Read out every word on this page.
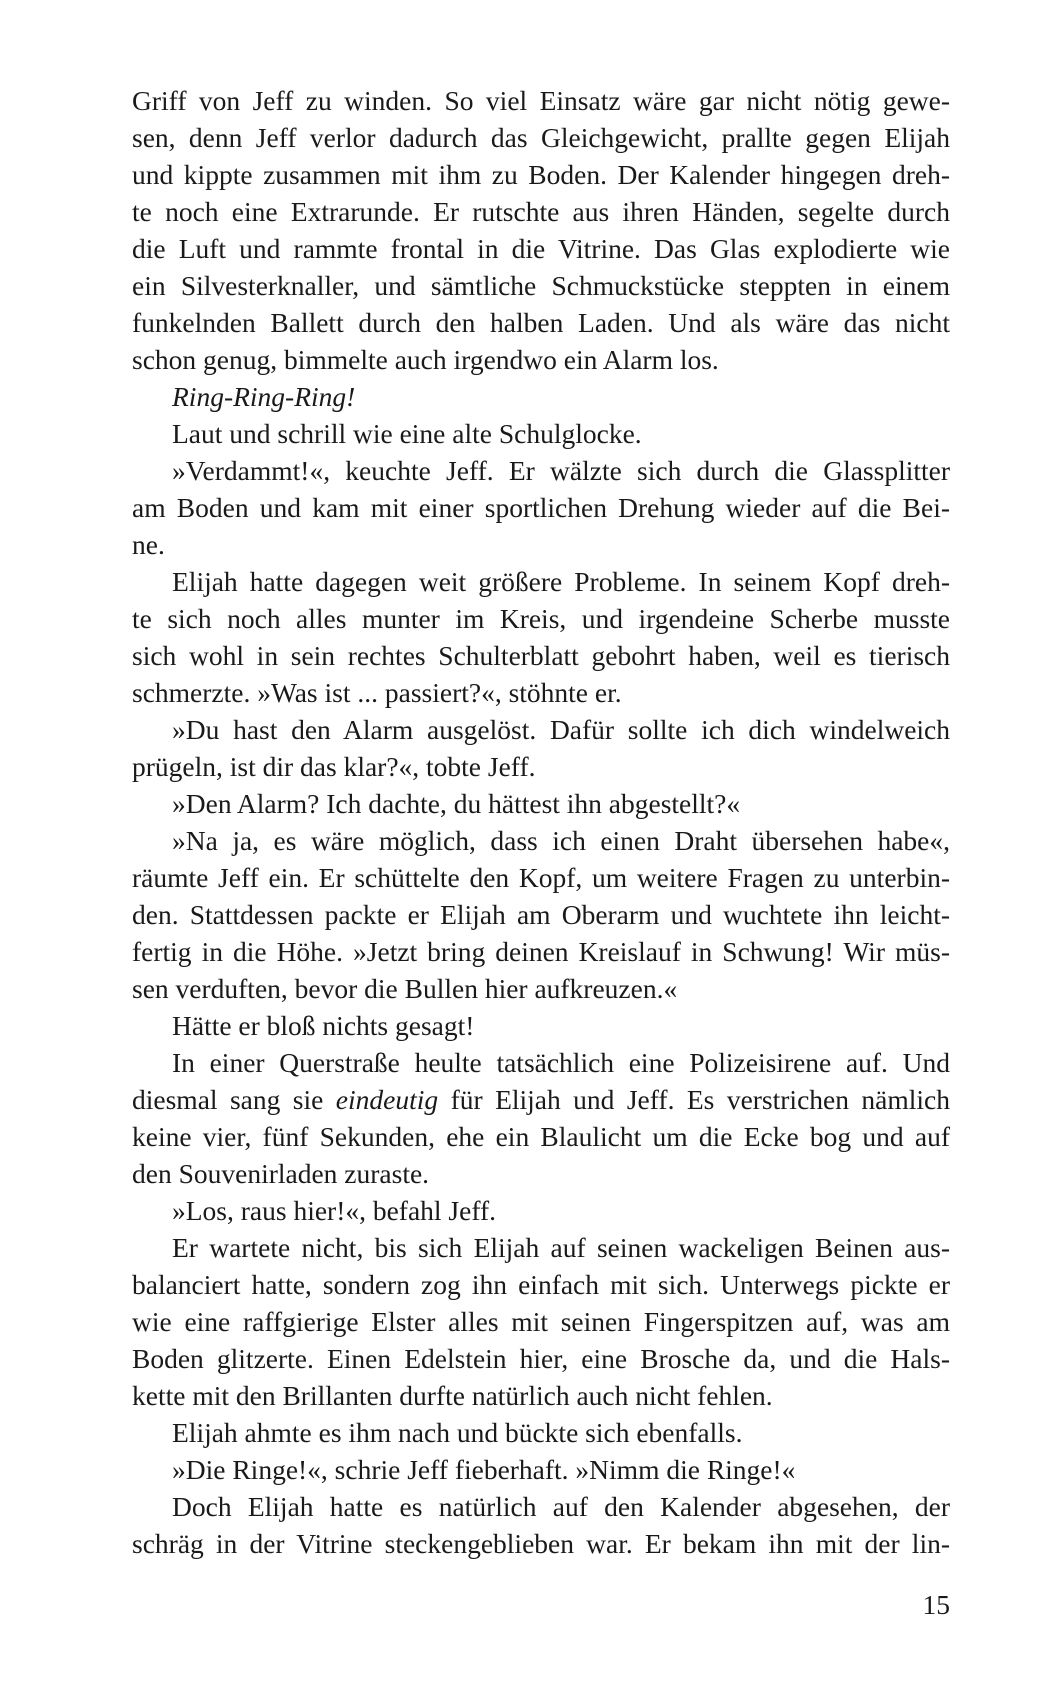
Griff von Jeff zu winden. So viel Einsatz wäre gar nicht nötig gewe-
sen, denn Jeff verlor dadurch das Gleichgewicht, prallte gegen Elijah
und kippte zusammen mit ihm zu Boden. Der Kalender hingegen dreh-
te noch eine Extrarunde. Er rutschte aus ihren Händen, segelte durch
die Luft und rammte frontal in die Vitrine. Das Glas explodierte wie
ein Silvesterknaller, und sämtliche Schmuckstücke steppten in einem
funkelnden Ballett durch den halben Laden. Und als wäre das nicht
schon genug, bimmelte auch irgendwo ein Alarm los.
Ring-Ring-Ring!
Laut und schrill wie eine alte Schulglocke.
»Verdammt!«, keuchte Jeff. Er wälzte sich durch die Glassplitter
am Boden und kam mit einer sportlichen Drehung wieder auf die Bei-
ne.
Elijah hatte dagegen weit größere Probleme. In seinem Kopf dreh-
te sich noch alles munter im Kreis, und irgendeine Scherbe musste
sich wohl in sein rechtes Schulterblatt gebohrt haben, weil es tierisch
schmerzte. »Was ist ... passiert?«, stöhnte er.
»Du hast den Alarm ausgelöst. Dafür sollte ich dich windelweich
prügeln, ist dir das klar?«, tobte Jeff.
»Den Alarm? Ich dachte, du hättest ihn abgestellt?«
»Na ja, es wäre möglich, dass ich einen Draht übersehen habe«,
räumte Jeff ein. Er schüttelte den Kopf, um weitere Fragen zu unterbin-
den. Stattdessen packte er Elijah am Oberarm und wuchtete ihn leicht-
fertig in die Höhe. »Jetzt bring deinen Kreislauf in Schwung! Wir müs-
sen verduften, bevor die Bullen hier aufkreuzen.«
Hätte er bloß nichts gesagt!
In einer Querstraße heulte tatsächlich eine Polizeisirene auf. Und
diesmal sang sie eindeutig für Elijah und Jeff. Es verstrichen nämlich
keine vier, fünf Sekunden, ehe ein Blaulicht um die Ecke bog und auf
den Souvenirladen zuraste.
»Los, raus hier!«, befahl Jeff.
Er wartete nicht, bis sich Elijah auf seinen wackeligen Beinen aus-
balanciert hatte, sondern zog ihn einfach mit sich. Unterwegs pickte er
wie eine raffgierige Elster alles mit seinen Fingerspitzen auf, was am
Boden glitzerte. Einen Edelstein hier, eine Brosche da, und die Hals-
kette mit den Brillanten durfte natürlich auch nicht fehlen.
Elijah ahmte es ihm nach und bückte sich ebenfalls.
»Die Ringe!«, schrie Jeff fieberhaft. »Nimm die Ringe!«
Doch Elijah hatte es natürlich auf den Kalender abgesehen, der
schräg in der Vitrine steckengeblieben war. Er bekam ihn mit der lin-
15
